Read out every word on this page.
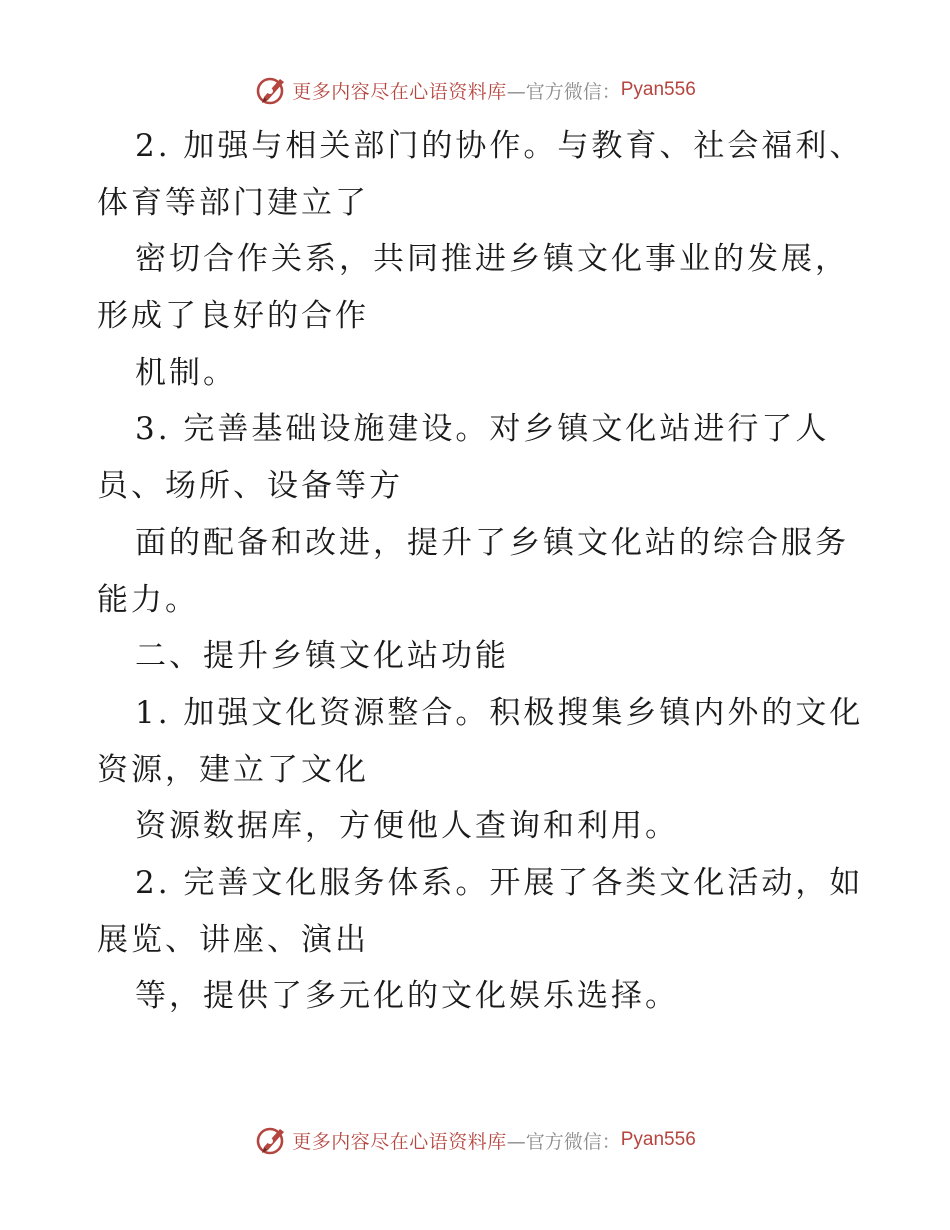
更多内容尽在心语资料库 —官方微信： Pyan556
2. 加强与相关部门的协作。与教育、社会福利、
体育等部门建立了
密切合作关系，共同推进乡镇文化事业的发展，
形成了良好的合作
机制。
3. 完善基础设施建设。对乡镇文化站进行了人
员、场所、设备等方
面的配备和改进，提升了乡镇文化站的综合服务
能力。
二、提升乡镇文化站功能
1. 加强文化资源整合。积极搜集乡镇内外的文化
资源，建立了文化
资源数据库，方便他人查询和利用。
2. 完善文化服务体系。开展了各类文化活动，如
展览、讲座、演出
等，提供了多元化的文化娱乐选择。
更多内容尽在心语资料库 —官方微信： Pyan556
